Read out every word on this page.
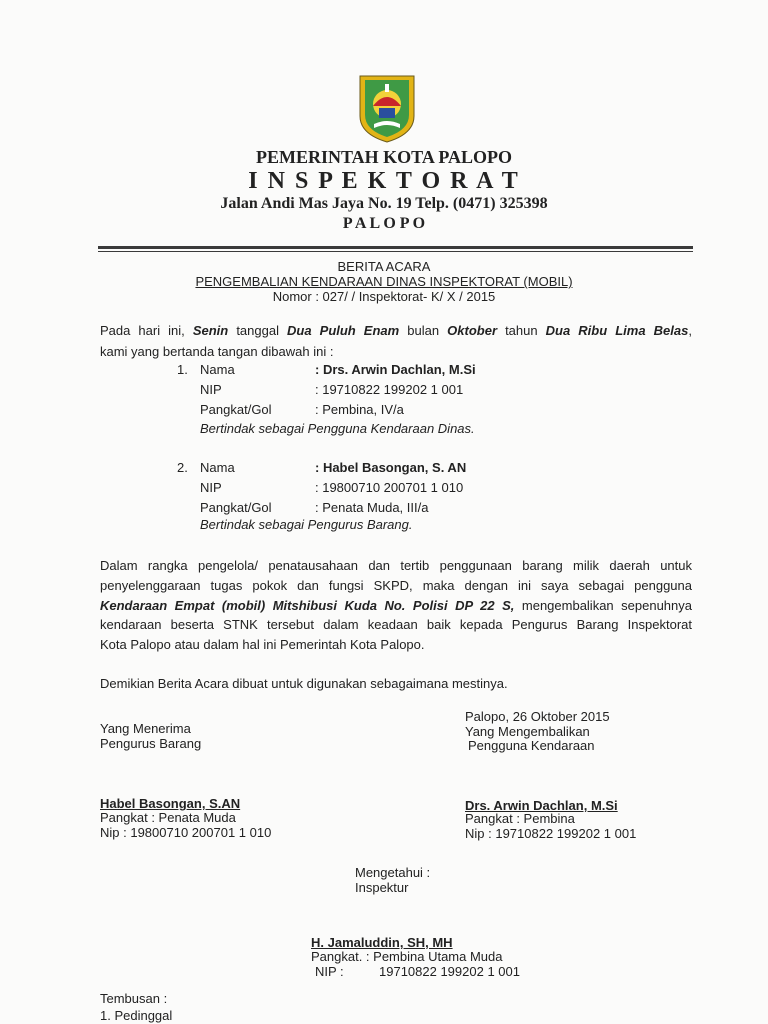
PEMERINTAH KOTA PALOPO
I N S P E K T O R A T
Jalan Andi Mas Jaya No. 19 Telp. (0471) 325398
P A L O P O
BERITA ACARA
PENGEMBALIAN KENDARAAN DINAS INSPEKTORAT (MOBIL)
Nomor : 027/ / Inspektorat- K/ X / 2015
Pada hari ini, Senin tanggal Dua Puluh Enam bulan Oktober tahun Dua Ribu Lima Belas,
kami yang bertanda tangan dibawah ini :
1. Nama	: Drs. Arwin Dachlan, M.Si
NIP	: 19710822 199202 1 001
Pangkat/Gol	: Pembina, IV/a
Bertindak sebagai Pengguna Kendaraan Dinas.
2. Nama	: Habel Basongan, S. AN
NIP	: 19800710 200701 1 010
Pangkat/Gol	: Penata Muda, III/a
Bertindak sebagai Pengurus Barang.
Dalam rangka pengelola/ penatausahaan dan tertib penggunaan barang milik daerah untuk
penyelenggaraan tugas pokok dan fungsi SKPD, maka dengan ini saya sebagai pengguna
Kendaraan Empat (mobil) Mitshibusi Kuda No. Polisi DP 22 S, mengembalikan sepenuhnya
kendaraan beserta STNK tersebut dalam keadaan baik kepada Pengurus Barang Inspektorat
Kota Palopo atau dalam hal ini Pemerintah Kota Palopo.
Demikian Berita Acara dibuat untuk digunakan sebagaimana mestinya.
Yang Menerima
Pengurus Barang
Habel Basongan, S.AN
Pangkat : Penata Muda
Nip : 19800710 200701 1 010
Palopo, 26 Oktober 2015
Yang Mengembalikan
Pengguna Kendaraan
Drs. Arwin Dachlan, M.Si
Pangkat : Pembina
Nip : 19710822 199202 1 001
Mengetahui :
Inspektur
H. Jamaluddin, SH, MH
Pangkat. : Pembina Utama Muda
NIP :	19710822 199202 1 001
Tembusan :
1. Pedinggal
